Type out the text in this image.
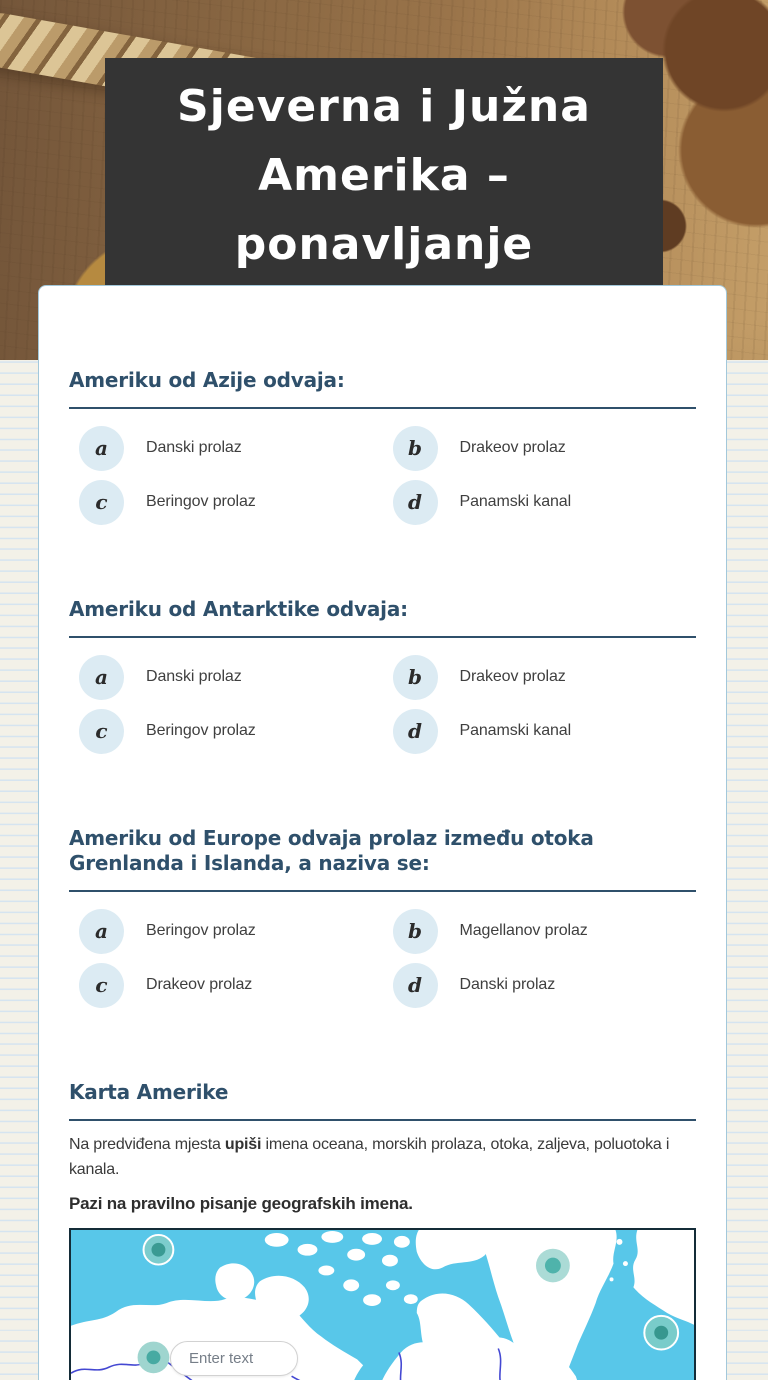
Sjeverna i Južna
Amerika –
ponavljanje
Ameriku od Azije odvaja:
a	Danski prolaz	b	Drakeov prolaz
c	Beringov prolaz	d	Panamski kanal
Ameriku od Antarktike odvaja:
a	Danski prolaz	b	Drakeov prolaz
c	Beringov prolaz	d	Panamski kanal
Ameriku od Europe odvaja prolaz između otoka Grenlanda i Islanda, a naziva se:
a	Beringov prolaz	b	Magellanov prolaz
c	Drakeov prolaz	d	Danski prolaz
Karta Amerike

Na predviđena mjesta upiši imena oceana, morskih prolaza, otoka, zaljeva, poluotoka i kanala.

Pazi na pravilno pisanje geografskih imena.

Enter text
